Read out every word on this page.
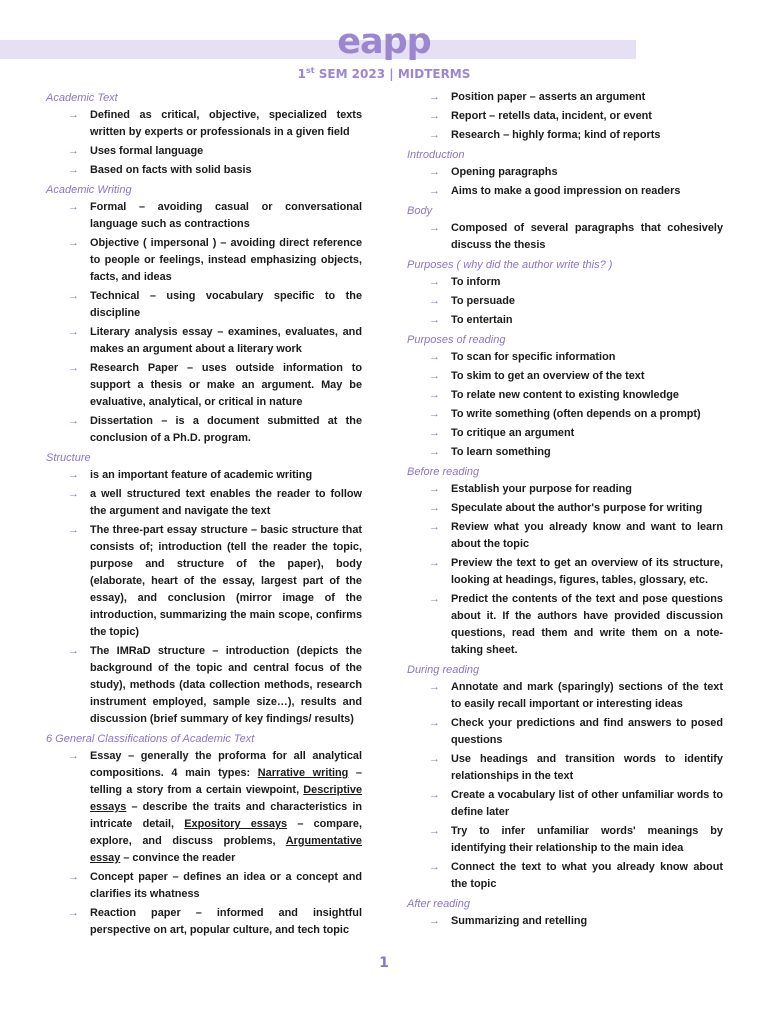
eapp
1st SEM 2023 | MIDTERMS
Academic Text
→ Defined as critical, objective, specialized texts written by experts or professionals in a given field
→ Uses formal language
→ Based on facts with solid basis
Academic Writing
→ Formal – avoiding casual or conversational language such as contractions
→ Objective ( impersonal ) – avoiding direct reference to people or feelings, instead emphasizing objects, facts, and ideas
→ Technical – using vocabulary specific to the discipline
→ Literary analysis essay – examines, evaluates, and makes an argument about a literary work
→ Research Paper – uses outside information to support a thesis or make an argument. May be evaluative, analytical, or critical in nature
→ Dissertation – is a document submitted at the conclusion of a Ph.D. program.
Structure
→ is an important feature of academic writing
→ a well structured text enables the reader to follow the argument and navigate the text
→ The three-part essay structure – basic structure that consists of; introduction (tell the reader the topic, purpose and structure of the paper), body (elaborate, heart of the essay, largest part of the essay), and conclusion (mirror image of the introduction, summarizing the main scope, confirms the topic)
→ The IMRaD structure – introduction (depicts the background of the topic and central focus of the study), methods (data collection methods, research instrument employed, sample size…), results and discussion (brief summary of key findings/ results)
6 General Classifications of Academic Text
→ Essay – generally the proforma for all analytical compositions. 4 main types: Narrative writing – telling a story from a certain viewpoint, Descriptive essays – describe the traits and characteristics in intricate detail, Expository essays – compare, explore, and discuss problems, Argumentative essay – convince the reader
→ Concept paper – defines an idea or a concept and clarifies its whatness
→ Reaction paper – informed and insightful perspective on art, popular culture, and tech topic
→ Position paper – asserts an argument
→ Report – retells data, incident, or event
→ Research – highly forma; kind of reports
Introduction
→ Opening paragraphs
→ Aims to make a good impression on readers
Body
→ Composed of several paragraphs that cohesively discuss the thesis
Purposes ( why did the author write this? )
→ To inform
→ To persuade
→ To entertain
Purposes of reading
→ To scan for specific information
→ To skim to get an overview of the text
→ To relate new content to existing knowledge
→ To write something (often depends on a prompt)
→ To critique an argument
→ To learn something
Before reading
→ Establish your purpose for reading
→ Speculate about the author's purpose for writing
→ Review what you already know and want to learn about the topic
→ Preview the text to get an overview of its structure, looking at headings, figures, tables, glossary, etc.
→ Predict the contents of the text and pose questions about it. If the authors have provided discussion questions, read them and write them on a note-taking sheet.
During reading
→ Annotate and mark (sparingly) sections of the text to easily recall important or interesting ideas
→ Check your predictions and find answers to posed questions
→ Use headings and transition words to identify relationships in the text
→ Create a vocabulary list of other unfamiliar words to define later
→ Try to infer unfamiliar words' meanings by identifying their relationship to the main idea
→ Connect the text to what you already know about the topic
After reading
→ Summarizing and retelling
1
